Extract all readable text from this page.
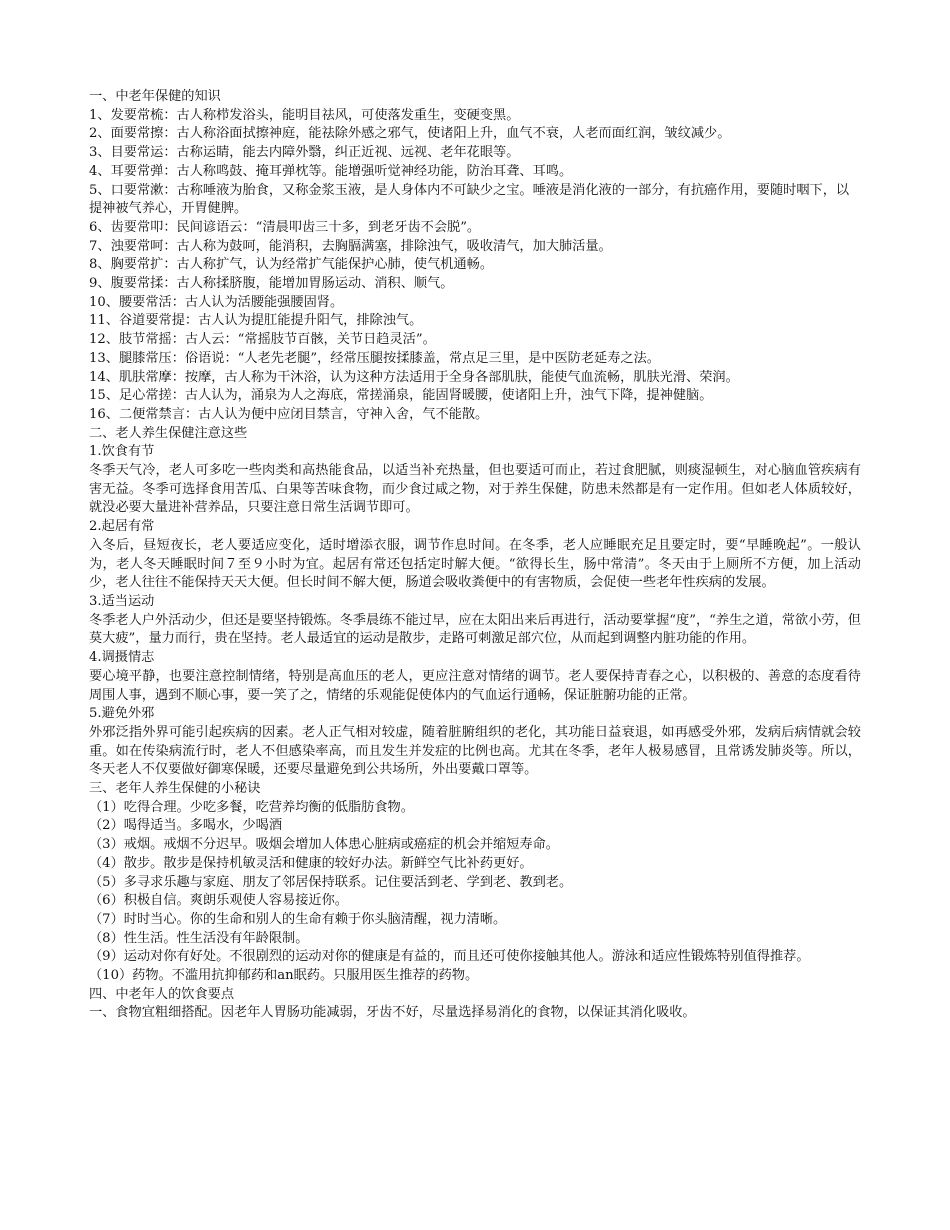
一、中老年保健的知识

1、发要常梳：古人称栉发浴头，能明目祛风，可使落发重生，变硬变黑。

2、面要常擦：古人称浴面拭擦神庭，能祛除外感之邪气，使诸阳上升，血气不衰，人老而面红润，皱纹减少。

3、目要常运：古称运睛，能去内障外翳，纠正近视、远视、老年花眼等。

4、耳要常弹：古人称鸣鼓、掩耳弹枕等。能增强听觉神经功能，防治耳聋、耳鸣。

5、口要常漱：古称唾液为胎食，又称金浆玉液，是人身体内不可缺少之宝。唾液是消化液的一部分，有抗癌作用，要随时咽下，以提神被气养心，开胃健脾。

6、齿要常叩：民间谚语云：“清晨叩齿三十多，到老牙齿不会脱”。

7、浊要常呵：古人称为鼓呵，能消积，去胸膈满塞，排除浊气，吸收清气，加大肺活量。

8、胸要常扩：古人称扩气，认为经常扩气能保护心肺，使气机通畅。

9、腹要常揉：古人称揉脐腹，能增加胃肠运动、消积、顺气。

10、腰要常活：古人认为活腰能强腰固肾。

11、谷道要常提：古人认为提肛能提升阳气，排除浊气。

12、肢节常摇：古人云：“常摇肢节百骸，关节日趋灵活”。

13、腿膝常压：俗语说：“人老先老腿”，经常压腿按揉膝盖，常点足三里，是中医防老延寿之法。

14、肌肤常摩：按摩，古人称为干沐浴，认为这种方法适用于全身各部肌肤，能使气血流畅，肌肤光滑、荣润。

15、足心常搓：古人认为，涌泉为人之海底，常搓涌泉，能固肾暖腰，使诸阳上升，浊气下降，提神健脑。

16、二便常禁言：古人认为便中应闭目禁言，守神入舍，气不能散。

二、老人养生保健注意这些

1.饮食有节

冬季天气冷，老人可多吃一些肉类和高热能食品，以适当补充热量，但也要适可而止，若过食肥腻，则痰湿顿生，对心脑血管疾病有害无益。冬季可选择食用苦瓜、白果等苦味食物，而少食过咸之物，对于养生保健，防患未然都是有一定作用。但如老人体质较好，就没必要大量进补营养品，只要注意日常生活调节即可。

2.起居有常

入冬后，昼短夜长，老人要适应变化，适时增添衣服，调节作息时间。在冬季，老人应睡眠充足且要定时，要“早睡晚起”。一般认为，老人冬天睡眠时间７至９小时为宜。起居有常还包括定时解大便。“欲得长生，肠中常清”。冬天由于上厕所不方便，加上活动少，老人往往不能保持天天大便。但长时间不解大便，肠道会吸收粪便中的有害物质，会促使一些老年性疾病的发展。

3.适当运动

冬季老人户外活动少，但还是要坚持锻炼。冬季晨练不能过早，应在太阳出来后再进行，活动要掌握“度”，“养生之道，常欲小劳，但莫大疲”，量力而行，贵在坚持。老人最适宜的运动是散步，走路可刺激足部穴位，从而起到调整内脏功能的作用。

4.调摄情志

要心境平静，也要注意控制情绪，特别是高血压的老人，更应注意对情绪的调节。老人要保持青春之心，以积极的、善意的态度看待周围人事，遇到不顺心事，要一笑了之，情绪的乐观能促使体内的气血运行通畅，保证脏腑功能的正常。

5.避免外邪

外邪泛指外界可能引起疾病的因素。老人正气相对较虚，随着脏腑组织的老化，其功能日益衰退，如再感受外邪，发病后病情就会较重。如在传染病流行时，老人不但感染率高，而且发生并发症的比例也高。尤其在冬季，老年人极易感冒，且常诱发肺炎等。所以，冬天老人不仅要做好御寒保暖，还要尽量避免到公共场所，外出要戴口罩等。

三、老年人养生保健的小秘诀

（1）吃得合理。少吃多餐，吃营养均衡的低脂肪食物。

（2）喝得适当。多喝水，少喝酒

（3）戒烟。戒烟不分迟早。吸烟会增加人体患心脏病或癌症的机会并缩短寿命。

（4）散步。散步是保持机敏灵活和健康的较好办法。新鲜空气比补药更好。

（5）多寻求乐趣与家庭、朋友了邻居保持联系。记住要活到老、学到老、教到老。

（6）积极自信。爽朗乐观使人容易接近你。

（7）时时当心。你的生命和别人的生命有赖于你头脑清醒，视力清晰。

（8）性生活。性生活没有年龄限制。

（9）运动对你有好处。不很剧烈的运动对你的健康是有益的，而且还可使你接触其他人。游泳和适应性锻炼特别值得推荐。

（10）药物。不滥用抗抑郁药和an眠药。只服用医生推荐的药物。

四、中老年人的饮食要点

一、食物宜粗细搭配。因老年人胃肠功能减弱，牙齿不好，尽量选择易消化的食物，以保证其消化吸收。
